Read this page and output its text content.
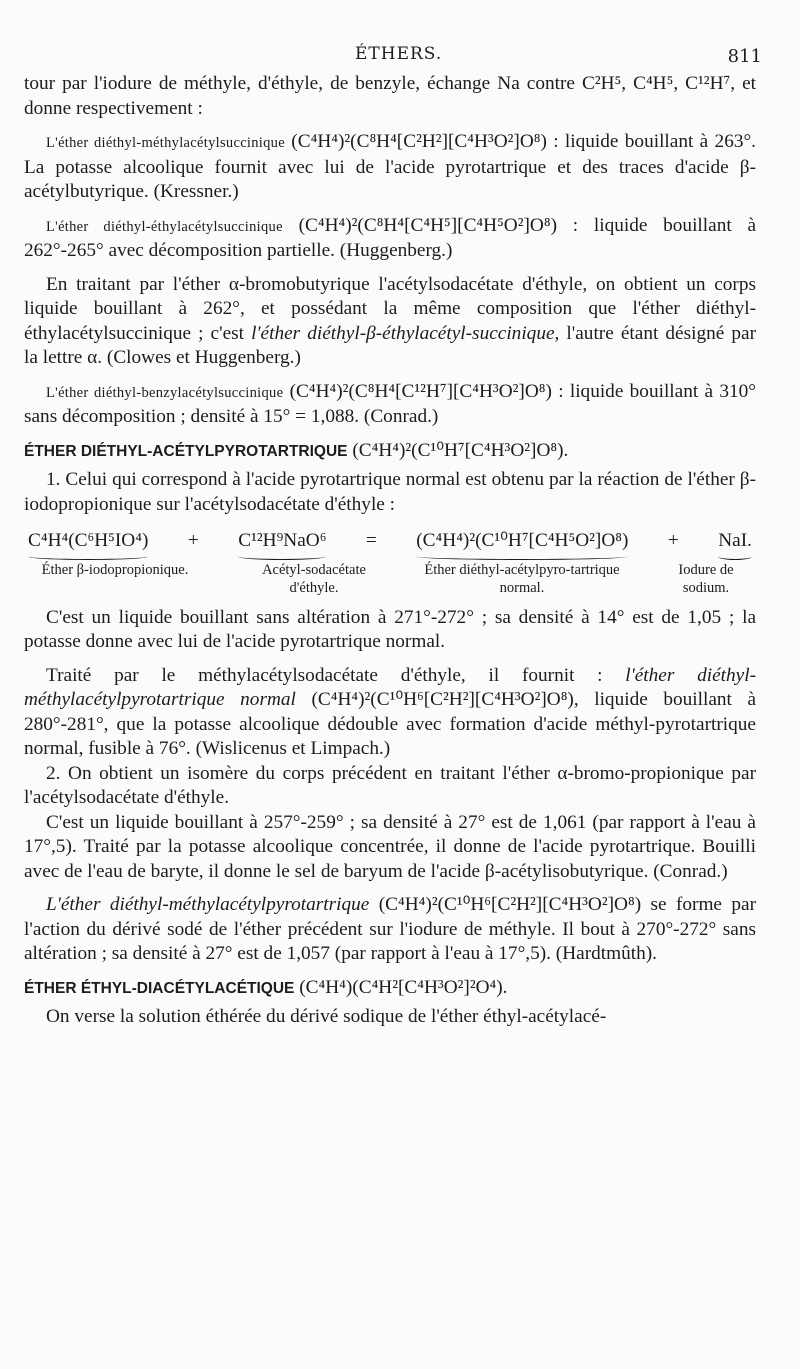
ÉTHERS.	811

tour par l'iodure de méthyle, d'éthyle, de benzyle, échange Na contre C²H⁵, C⁴H⁵, C¹²H⁷, et donne respectivement :

L'éther diéthyl-méthylacétylsuccinique (C⁴H⁴)²(C⁸H⁴[C²H²][C⁴H³O²]O⁸) : liquide bouillant à 263°. La potasse alcoolique fournit avec lui de l'acide pyrotartrique et des traces d'acide β-acétylbutyrique. (Kressner.)

L'éther diéthyl-éthylacétylsuccinique (C⁴H⁴)²(C⁸H⁴[C⁴H⁵][C⁴H⁵O²]O⁸) : liquide bouillant à 262°-265° avec décomposition partielle. (Huggenberg.)

En traitant par l'éther α-bromobutyrique l'acétylsodacétate d'éthyle, on obtient un corps liquide bouillant à 262°, et possédant la même composition que l'éther diéthyl-éthylacétylsuccinique ; c'est l'éther diéthyl-β-éthylacétyl-succinique, l'autre étant désigné par la lettre α. (Clowes et Huggenberg.)

L'éther diéthyl-benzylacétylsuccinique (C⁴H⁴)²(C⁸H⁴[C¹²H⁷][C⁴H³O²]O⁸) : liquide bouillant à 310° sans décomposition ; densité à 15° = 1,088. (Conrad.)

ÉTHER DIÉTHYL-ACÉTYLPYROTARTRIQUE (C⁴H⁴)²(C¹⁰H⁷[C⁴H³O²]O⁸).

1. Celui qui correspond à l'acide pyrotartrique normal est obtenu par la réaction de l'éther β-iodopropionique sur l'acétylsodacétate d'éthyle :

C⁴H⁴(C⁶H⁵IO⁴) + C¹²H⁹NaO⁶ = (C⁴H⁴)²(C¹⁰H⁷[C⁴H⁵O²]O⁸) + NaI.
Éther β-iodopropionique.	Acétyl-sodacétate d'éthyle.
Éther diéthyl-acétylpyro-tartrique normal.
Iodure de sodium.

C'est un liquide bouillant sans altération à 271°-272° ; sa densité à 14° est de 1,05 ; la potasse donne avec lui de l'acide pyrotartrique normal.

Traité par le méthylacétylsodacétate d'éthyle, il fournit : l'éther diéthyl-méthylacétylpyrotartrique normal (C⁴H⁴)²(C¹⁰H⁶[C²H²][C⁴H³O²]O⁸), liquide bouillant à 280°-281°, que la potasse alcoolique dédouble avec formation d'acide méthyl-pyrotartrique normal, fusible à 76°. (Wislicenus et Limpach.)

2. On obtient un isomère du corps précédent en traitant l'éther α-bromo-propionique par l'acétylsodacétate d'éthyle.

C'est un liquide bouillant à 257°-259° ; sa densité à 27° est de 1,061 (par rapport à l'eau à 17°,5). Traité par la potasse alcoolique concentrée, il donne de l'acide pyrotartrique. Bouilli avec de l'eau de baryte, il donne le sel de baryum de l'acide β-acétylisobutyrique. (Conrad.)

L'éther diéthyl-méthylacétylpyrotartrique (C⁴H⁴)²(C¹⁰H⁶[C²H²][C⁴H³O²]O⁸) se forme par l'action du dérivé sodé de l'éther précédent sur l'iodure de méthyle. Il bout à 270°-272° sans altération ; sa densité à 27° est de 1,057 (par rapport à l'eau à 17°,5). (Hardtmûth).

ÉTHER ÉTHYL-DIACÉTYLACÉTIQUE (C⁴H⁴)(C⁴H²[C⁴H³O²]²O⁴).

On verse la solution éthérée du dérivé sodique de l'éther éthyl-acétylacé-
